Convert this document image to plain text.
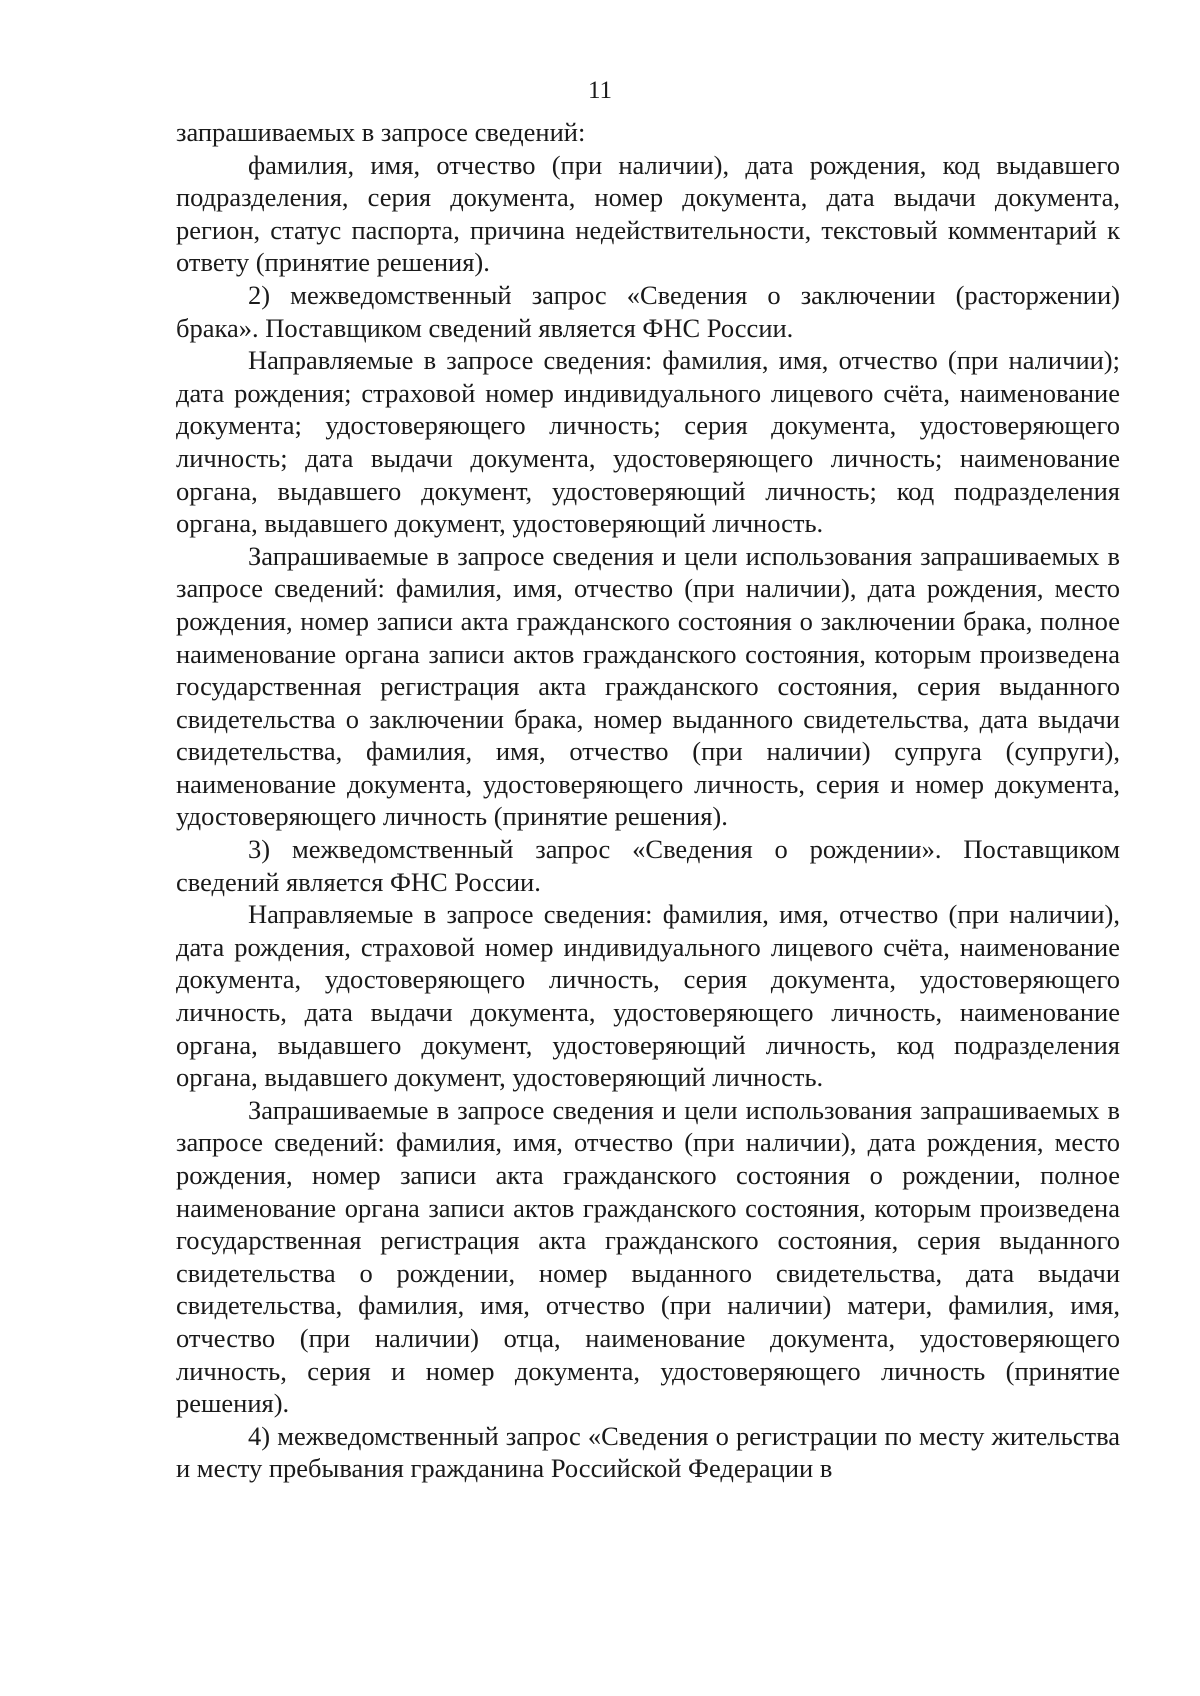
11

запрашиваемых в запросе сведений:

фамилия, имя, отчество (при наличии), дата рождения, код выдавшего подразделения, серия документа, номер документа, дата выдачи документа, регион, статус паспорта, причина недействительности, текстовый комментарий к ответу (принятие решения).

2) межведомственный запрос «Сведения о заключении (расторжении) брака». Поставщиком сведений является ФНС России.

Направляемые в запросе сведения: фамилия, имя, отчество (при наличии); дата рождения; страховой номер индивидуального лицевого счёта, наименование документа; удостоверяющего личность; серия документа, удостоверяющего личность; дата выдачи документа, удостоверяющего личность; наименование органа, выдавшего документ, удостоверяющий личность; код подразделения органа, выдавшего документ, удостоверяющий личность.

Запрашиваемые в запросе сведения и цели использования запрашиваемых в запросе сведений: фамилия, имя, отчество (при наличии), дата рождения, место рождения, номер записи акта гражданского состояния о заключении брака, полное наименование органа записи актов гражданского состояния, которым произведена государственная регистрация акта гражданского состояния, серия выданного свидетельства о заключении брака, номер выданного свидетельства, дата выдачи свидетельства, фамилия, имя, отчество (при наличии) супруга (супруги), наименование документа, удостоверяющего личность, серия и номер документа, удостоверяющего личность (принятие решения).

3) межведомственный запрос «Сведения о рождении». Поставщиком сведений является ФНС России.

Направляемые в запросе сведения: фамилия, имя, отчество (при наличии), дата рождения, страховой номер индивидуального лицевого счёта, наименование документа, удостоверяющего личность, серия документа, удостоверяющего личность, дата выдачи документа, удостоверяющего личность, наименование органа, выдавшего документ, удостоверяющий личность, код подразделения органа, выдавшего документ, удостоверяющий личность.

Запрашиваемые в запросе сведения и цели использования запрашиваемых в запросе сведений: фамилия, имя, отчество (при наличии), дата рождения, место рождения, номер записи акта гражданского состояния о рождении, полное наименование органа записи актов гражданского состояния, которым произведена государственная регистрация акта гражданского состояния, серия выданного свидетельства о рождении, номер выданного свидетельства, дата выдачи свидетельства, фамилия, имя, отчество (при наличии) матери, фамилия, имя, отчество (при наличии) отца, наименование документа, удостоверяющего личность, серия и номер документа, удостоверяющего личность (принятие решения).

4) межведомственный запрос «Сведения о регистрации по месту жительства и месту пребывания гражданина Российской Федерации в
